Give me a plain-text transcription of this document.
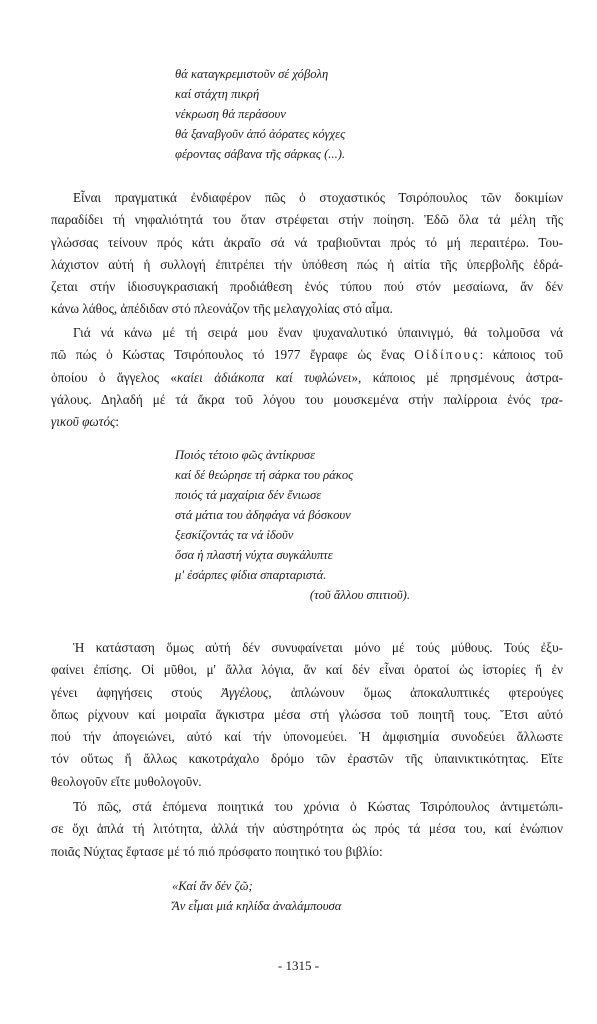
θά καταγκρεμιστοῦν σέ χόβολη
καί στάχτη πικρή
νέκρωση θά περάσουν
θά ξαναβγοῦν ἀπό ἀόρατες κόγχες
φέροντας σάβανα τῆς σάρκας (...).
Εἶναι πραγματικά ἐνδιαφέρον πῶς ὁ στοχαστικός Τσιρόπουλος τῶν δοκιμίων
παραδίδει τή νηφαλιότητά του ὅταν στρέφεται στήν ποίηση. Ἐδῶ ὅλα τά μέλη τῆς
γλώσσας τείνουν πρός κάτι ἀκραῖο σά νά τραβιοῦνται πρός τό μή περαιτέρω. Του-
λάχιστον αὐτή ἡ συλλογή ἐπιτρέπει τήν ὑπόθεση πώς ἡ αἰτία τῆς ὑπερβολῆς ἑδρά-
ζεται στήν ἰδιοσυγκρασιακή προδιάθεση ἑνός τύπου πού στόν μεσαίωνα, ἄν δέν
κάνω λάθος, ἀπέδιδαν στό πλεονάζον τῆς μελαγχολίας στό αἷμα.
Γιά νά κάνω μέ τή σειρά μου ἕναν ψυχαναλυτικό ὑπαινιγμό, θά τολμοῦσα νά
πῶ πώς ὁ Κώστας Τσιρόπουλος τό 1977 ἔγραφε ὡς ἕνας Οἰδίπους: κάποιος τοῦ
ὁποίου ὁ ἄγγελος «καίει ἀδιάκοπα καί τυφλώνει», κάποιος μέ πρησμένους ἀστρα-
γάλους. Δηλαδή μέ τά ἄκρα τοῦ λόγου του μουσκεμένα στήν παλίρροια ἑνός τρα-
γικοῦ φωτός:
Ποιός τέτοιο φῶς ἀντίκρυσε
καί δέ θεώρησε τή σάρκα του ράκος
ποιός τά μαχαίρια δέν ἔνιωσε
στά μάτια του ἀδηφάγα νά βόσκουν
ξεσκίζοντάς τα νά ἰδοῦν
ὅσα ἡ πλαστή νύχτα συγκάλυπτε
μ' ἐσάρπες φίδια σπαρταριστά.
(τοῦ ἄλλου σπιτιοῦ).
Ἡ κατάσταση ὅμως αὐτή δέν συνυφαίνεται μόνο μέ τούς μύθους. Τούς ἐξυ-
φαίνει ἐπίσης. Οἱ μῦθοι, μ' ἄλλα λόγια, ἄν καί δέν εἶναι ὁρατοί ὡς ἱστορίες ἤ ἐν
γένει ἀφηγήσεις στούς Ἀγγέλους, ἁπλώνουν ὅμως ἀποκαλυπτικές φτερούγες
ὅπως ρίχνουν καί μοιραῖα ἄγκιστρα μέσα στή γλώσσα τοῦ ποιητῆ τους. Ἔτσι αὐτό
πού τήν ἀπογειώνει, αὐτό καί τήν ὑπονομεύει. Ἡ ἀμφισημία συνοδεύει ἄλλωστε
τόν οὕτως ἤ ἄλλως κακοτράχαλο δρόμο τῶν ἐραστῶν τῆς ὑπαινικτικότητας. Εἴτε
θεολογοῦν εἴτε μυθολογοῦν.
Τό πῶς, στά ἑπόμενα ποιητικά του χρόνια ὁ Κώστας Τσιρόπουλος ἀντιμετώπι-
σε ὄχι ἁπλά τή λιτότητα, ἀλλά τήν αὐστηρότητα ὡς πρός τά μέσα του, καί ἐνώπιον
ποιᾶς Νύχτας ἔφτασε μέ τό πιό πρόσφατο ποιητικό του βιβλίο:
«Καί ἄν δέν ζῶ;
Ἄν εἶμαι μιά κηλίδα ἀναλάμπουσα
- 1315 -
